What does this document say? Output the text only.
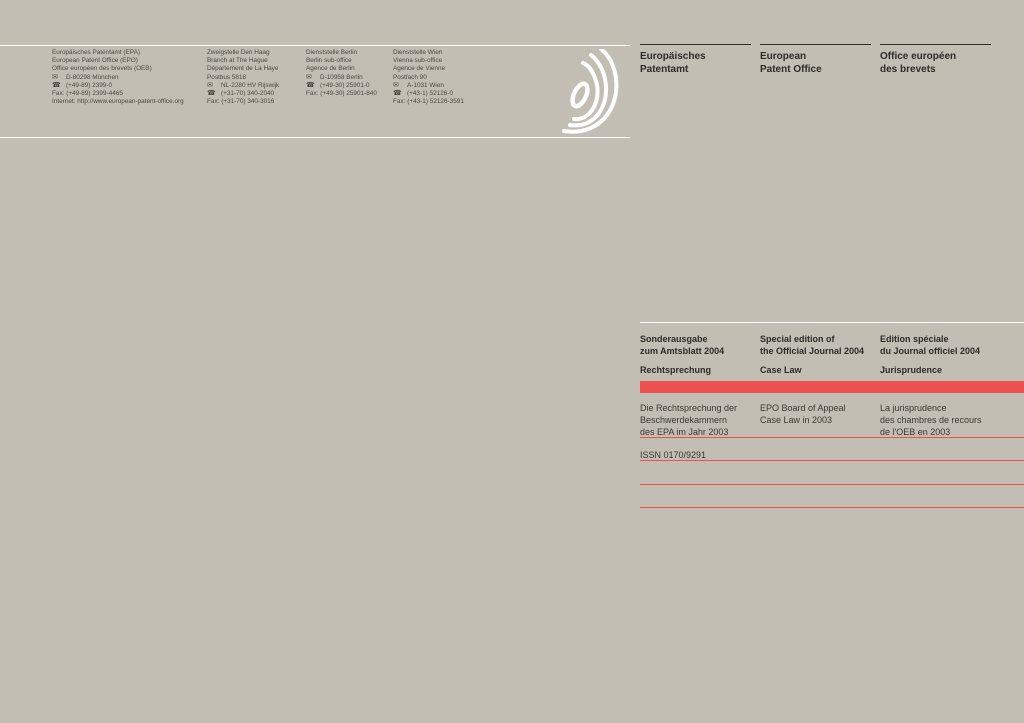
Europäisches Patentamt (EPA)
European Patent Office (EPO)
Office européen des brevets (OEB)
✉ D-80298 München
☎ (+49-89) 2399-0
Fax: (+49-89) 2399-4465
Internet: http://www.european-patent-office.org
Zweigstelle Den Haag
Branch at The Hague
Département de La Haye
Postbus 5818
✉ NL-2280 HV Rijswijk
☎ (+31-70) 340-2040
Fax: (+31-70) 340-3016
Dienststelle Berlin
Berlin sub-office
Agence de Berlin
✉ D-10958 Berlin
☎ (+49-30) 25901-0
Fax: (+49-30) 25901-840
Dienststelle Wien
Vienna sub-office
Agence de Vienne
Postfach 90
✉ A-1031 Wien
☎ (+43-1) 52126-0
Fax: (+43-1) 52126-3591
Europäisches
Patentamt
European
Patent Office
Office européen
des brevets
Sonderausgabe
zum Amtsblatt 2004
Rechtsprechung
Special edition of
the Official Journal 2004
Case Law
Edition spéciale
du Journal officiel 2004
Jurisprudence
Die Rechtsprechung der
Beschwerdekammern
des EPA im Jahr 2003
EPO Board of Appeal
Case Law in 2003
La jurisprudence
des chambres de recours
de l'OEB en 2003
ISSN 0170/9291
